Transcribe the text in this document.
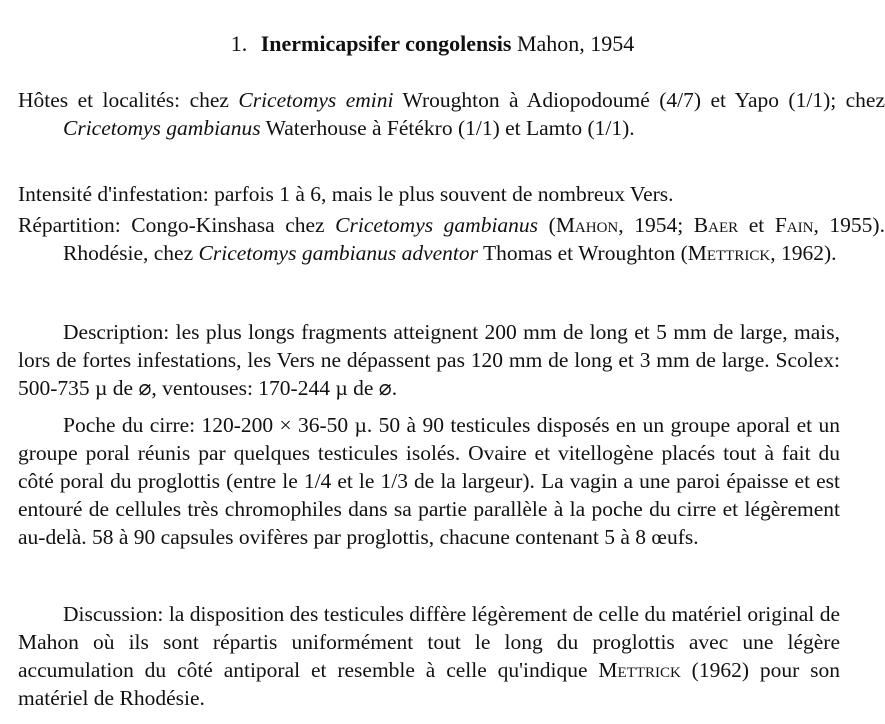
1. Inermicapsifer congolensis Mahon, 1954
Hôtes et localités: chez Cricetomys emini Wroughton à Adiopodoumé (4/7) et Yapo (1/1); chez Cricetomys gambianus Waterhouse à Fétékro (1/1) et Lamto (1/1).
Intensité d'infestation: parfois 1 à 6, mais le plus souvent de nombreux Vers.
Répartition: Congo-Kinshasa chez Cricetomys gambianus (Mahon, 1954; Baer et Fain, 1955). Rhodésie, chez Cricetomys gambianus adventor Thomas et Wroughton (Mettrick, 1962).
Description: les plus longs fragments atteignent 200 mm de long et 5 mm de large, mais, lors de fortes infestations, les Vers ne dépassent pas 120 mm de long et 3 mm de large. Scolex: 500-735 µ de ⌀, ventouses: 170-244 µ de ⌀.
Poche du cirre: 120-200 × 36-50 µ. 50 à 90 testicules disposés en un groupe aporal et un groupe poral réunis par quelques testicules isolés. Ovaire et vitellogène placés tout à fait du côté poral du proglottis (entre le 1/4 et le 1/3 de la largeur). La vagin a une paroi épaisse et est entouré de cellules très chromophiles dans sa partie parallèle à la poche du cirre et légèrement au-delà. 58 à 90 capsules ovifères par proglottis, chacune contenant 5 à 8 œufs.
Discussion: la disposition des testicules diffère légèrement de celle du matériel original de Mahon où ils sont répartis uniformément tout le long du proglottis avec une légère accumulation du côté antiporal et resemble à celle qu'indique Mettrick (1962) pour son matériel de Rhodésie.
